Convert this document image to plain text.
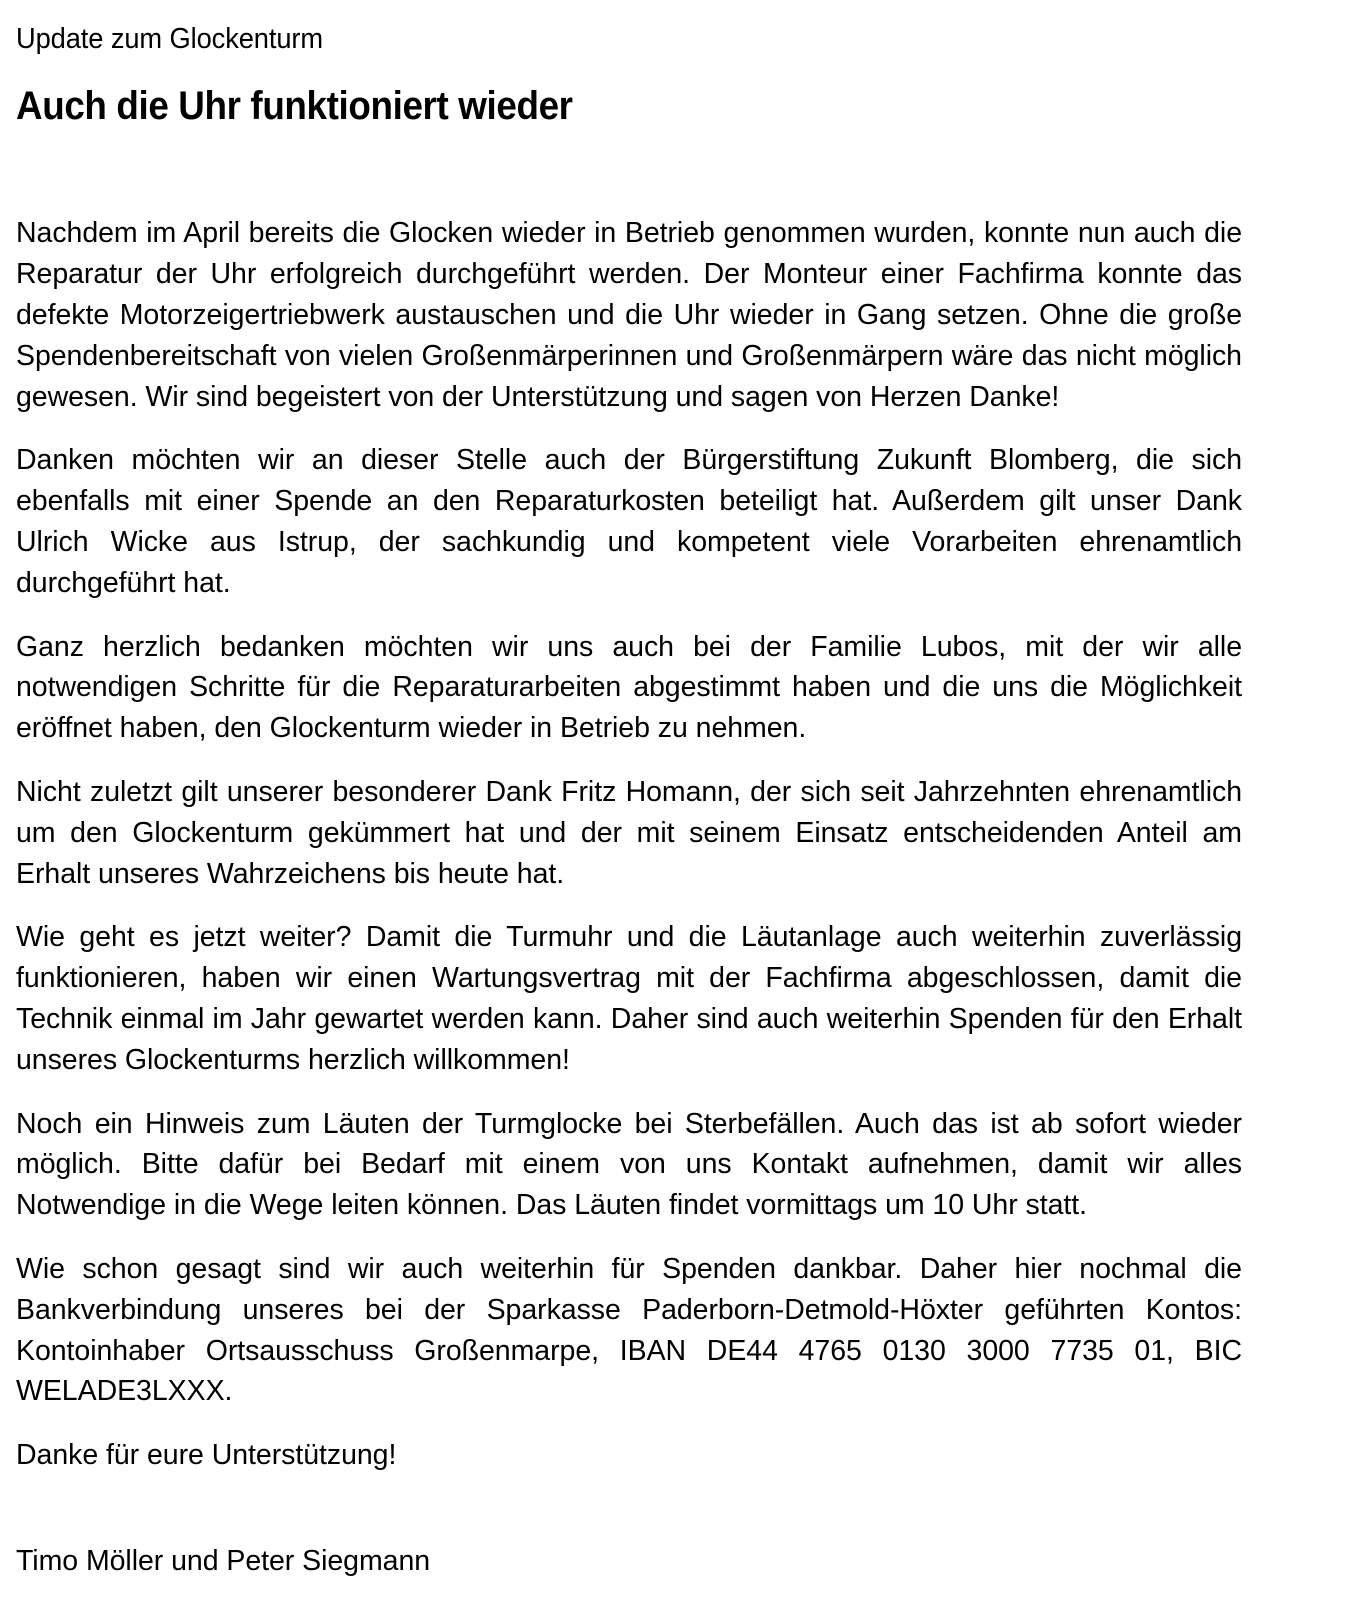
Update zum Glockenturm

Auch die Uhr funktioniert wieder

Nachdem im April bereits die Glocken wieder in Betrieb genommen wurden, konnte nun auch die Reparatur der Uhr erfolgreich durchgeführt werden. Der Monteur einer Fachfirma konnte das defekte Motorzeigertriebwerk austauschen und die Uhr wieder in Gang setzen. Ohne die große Spendenbereitschaft von vielen Großenmärperinnen und Großenmärpern wäre das nicht möglich gewesen. Wir sind begeistert von der Unterstützung und sagen von Herzen Danke!

Danken möchten wir an dieser Stelle auch der Bürgerstiftung Zukunft Blomberg, die sich ebenfalls mit einer Spende an den Reparaturkosten beteiligt hat. Außerdem gilt unser Dank Ulrich Wicke aus Istrup, der sachkundig und kompetent viele Vorarbeiten ehrenamtlich durchgeführt hat.

Ganz herzlich bedanken möchten wir uns auch bei der Familie Lubos, mit der wir alle notwendigen Schritte für die Reparaturarbeiten abgestimmt haben und die uns die Möglichkeit eröffnet haben, den Glockenturm wieder in Betrieb zu nehmen.

Nicht zuletzt gilt unserer besonderer Dank Fritz Homann, der sich seit Jahrzehnten ehrenamtlich um den Glockenturm gekümmert hat und der mit seinem Einsatz entscheidenden Anteil am Erhalt unseres Wahrzeichens bis heute hat.

Wie geht es jetzt weiter? Damit die Turmuhr und die Läutanlage auch weiterhin zuverlässig funktionieren, haben wir einen Wartungsvertrag mit der Fachfirma abgeschlossen, damit die Technik einmal im Jahr gewartet werden kann. Daher sind auch weiterhin Spenden für den Erhalt unseres Glockenturms herzlich willkommen!

Noch ein Hinweis zum Läuten der Turmglocke bei Sterbefällen. Auch das ist ab sofort wieder möglich. Bitte dafür bei Bedarf mit einem von uns Kontakt aufnehmen, damit wir alles Notwendige in die Wege leiten können. Das Läuten findet vormittags um 10 Uhr statt.

Wie schon gesagt sind wir auch weiterhin für Spenden dankbar. Daher hier nochmal die Bankverbindung unseres bei der Sparkasse Paderborn-Detmold-Höxter geführten Kontos: Kontoinhaber Ortsausschuss Großenmarpe, IBAN DE44 4765 0130 3000 7735 01, BIC WELADE3LXXX.

Danke für eure Unterstützung!

Timo Möller und Peter Siegmann
